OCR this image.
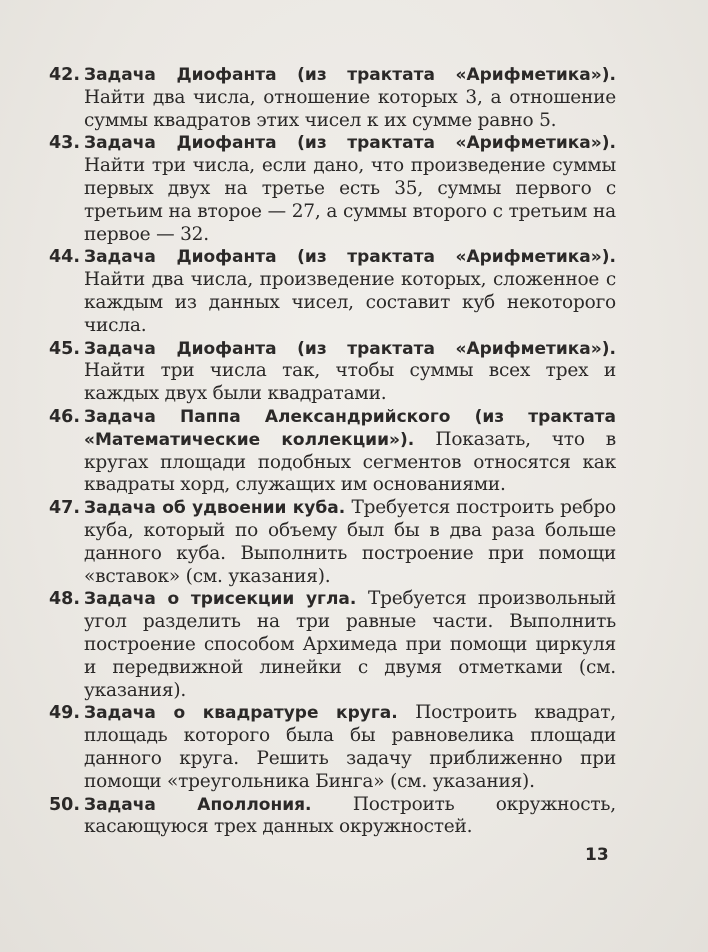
42. Задача Диофанта (из трактата «Арифметика»). Найти два числа, отношение которых 3, а отношение суммы квадратов этих чисел к их сумме равно 5.

43. Задача Диофанта (из трактата «Арифметика»). Найти три числа, если дано, что произведение суммы первых двух на третье есть 35, суммы первого с третьим на второе — 27, а суммы второго с третьим на первое — 32.

44. Задача Диофанта (из трактата «Арифметика»). Найти два числа, произведение которых, сложенное с каждым из данных чисел, составит куб некоторого числа.

45. Задача Диофанта (из трактата «Арифметика»). Найти три числа так, чтобы суммы всех трех и каждых двух были квадратами.

46. Задача Паппа Александрийского (из трактата «Математические коллекции»). Показать, что в кругах площади подобных сегментов относятся как квадраты хорд, служащих им основаниями.

47. Задача об удвоении куба. Требуется построить ребро куба, который по объему был бы в два раза больше данного куба. Выполнить построение при помощи «вставок» (см. указания).

48. Задача о трисекции угла. Требуется произвольный угол разделить на три равные части. Выполнить построение способом Архимеда при помощи циркуля и передвижной линейки с двумя отметками (см. указания).

49. Задача о квадратуре круга. Построить квадрат, площадь которого была бы равновелика площади данного круга. Решить задачу приближенно при помощи «треугольника Бинга» (см. указания).

50. Задача Аполлония. Построить окружность, касающуюся трех данных окружностей.

13
